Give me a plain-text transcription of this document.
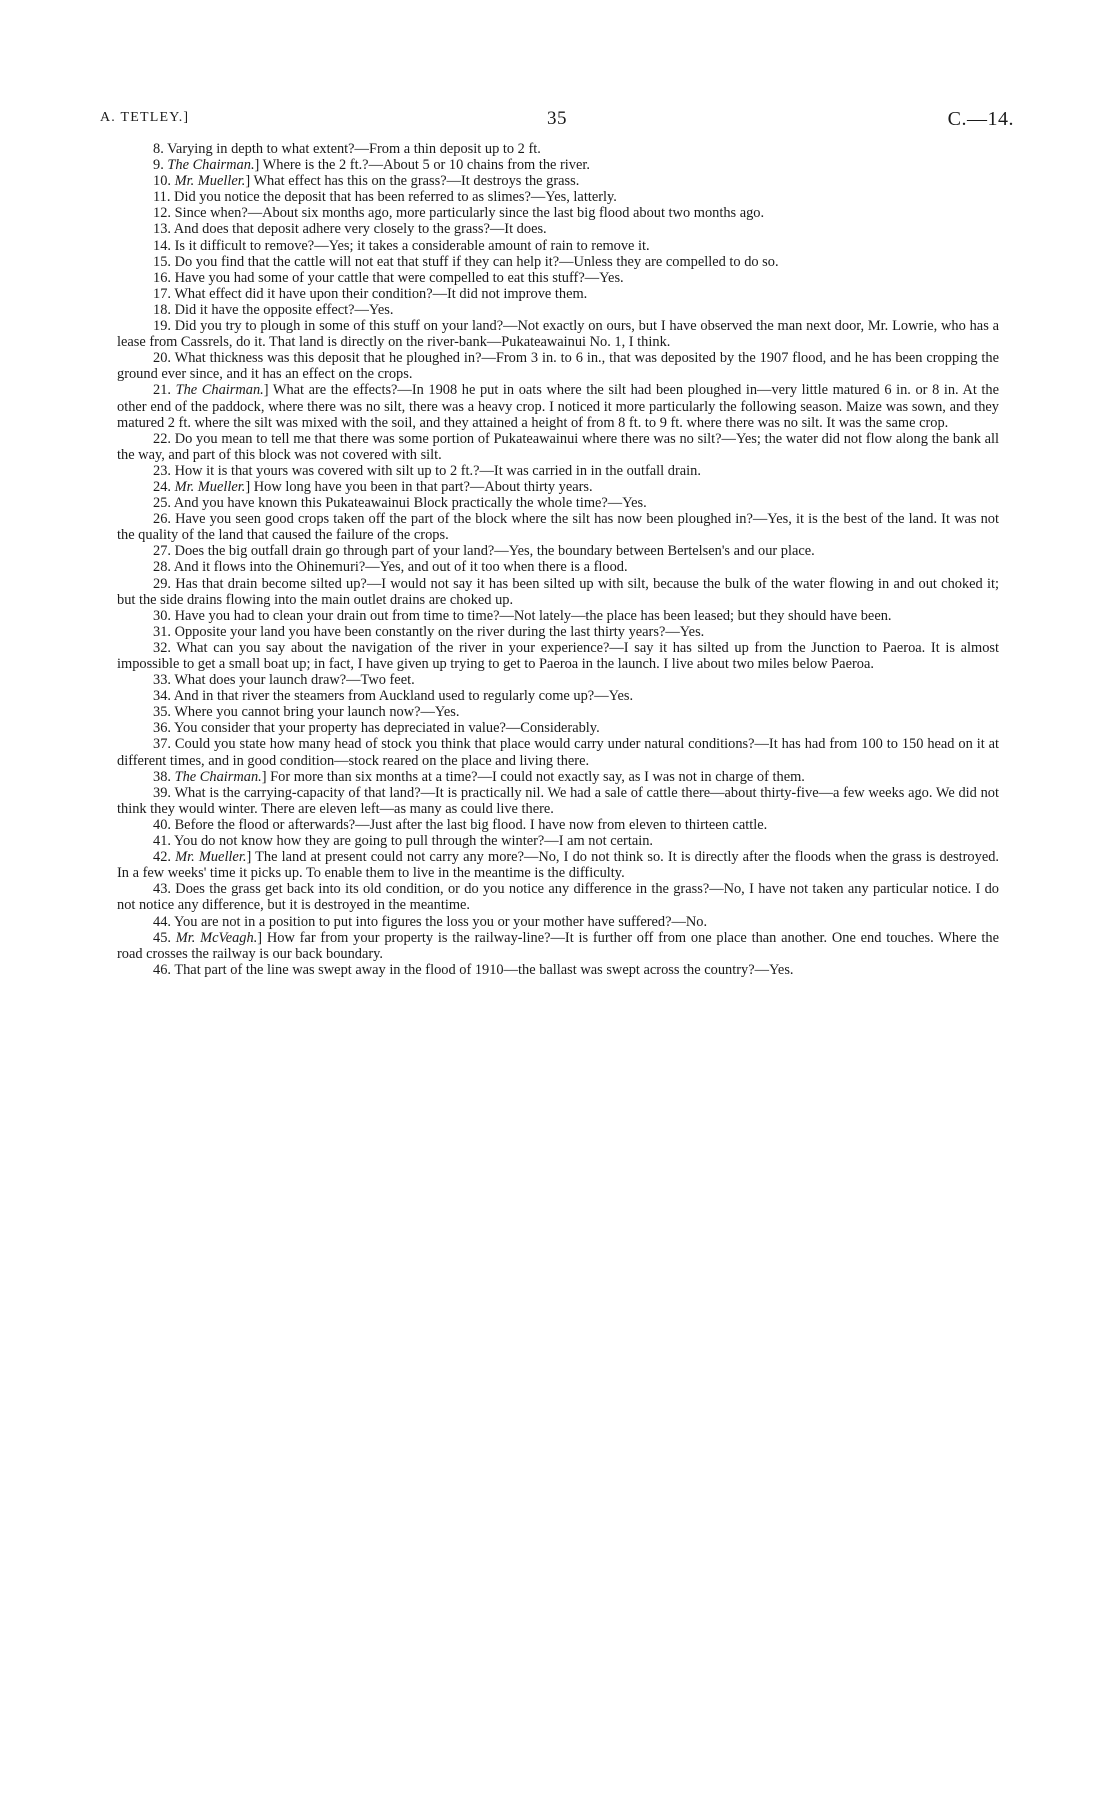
A. TETLEY.]	35	C.—14.

8. Varying in depth to what extent?—From a thin deposit up to 2 ft.

9. The Chairman.] Where is the 2 ft.?—About 5 or 10 chains from the river.

10. Mr. Mueller.] What effect has this on the grass?—It destroys the grass.

11. Did you notice the deposit that has been referred to as slimes?—Yes, latterly.

12. Since when?—About six months ago, more particularly since the last big flood about two months ago.

13. And does that deposit adhere very closely to the grass?—It does.

14. Is it difficult to remove?—Yes; it takes a considerable amount of rain to remove it.

15. Do you find that the cattle will not eat that stuff if they can help it?—Unless they are compelled to do so.

16. Have you had some of your cattle that were compelled to eat this stuff?—Yes.

17. What effect did it have upon their condition?—It did not improve them.

18. Did it have the opposite effect?—Yes.

19. Did you try to plough in some of this stuff on your land?—Not exactly on ours, but I have observed the man next door, Mr. Lowrie, who has a lease from Cassrels, do it. That land is directly on the river-bank—Pukateawainui No. 1, I think.

20. What thickness was this deposit that he ploughed in?—From 3 in. to 6 in., that was deposited by the 1907 flood, and he has been cropping the ground ever since, and it has an effect on the crops.

21. The Chairman.] What are the effects?—In 1908 he put in oats where the silt had been ploughed in—very little matured 6 in. or 8 in. At the other end of the paddock, where there was no silt, there was a heavy crop. I noticed it more particularly the following season. Maize was sown, and they matured 2 ft. where the silt was mixed with the soil, and they attained a height of from 8 ft. to 9 ft. where there was no silt. It was the same crop.

22. Do you mean to tell me that there was some portion of Pukateawainui where there was no silt?—Yes; the water did not flow along the bank all the way, and part of this block was not covered with silt.

23. How it is that yours was covered with silt up to 2 ft.?—It was carried in in the outfall drain.

24. Mr. Mueller.] How long have you been in that part?—About thirty years.

25. And you have known this Pukateawainui Block practically the whole time?—Yes.

26. Have you seen good crops taken off the part of the block where the silt has now been ploughed in?—Yes, it is the best of the land. It was not the quality of the land that caused the failure of the crops.

27. Does the big outfall drain go through part of your land?—Yes, the boundary between Bertelsen's and our place.

28. And it flows into the Ohinemuri?—Yes, and out of it too when there is a flood.

29. Has that drain become silted up?—I would not say it has been silted up with silt, because the bulk of the water flowing in and out choked it; but the side drains flowing into the main outlet drains are choked up.

30. Have you had to clean your drain out from time to time?—Not lately—the place has been leased; but they should have been.

31. Opposite your land you have been constantly on the river during the last thirty years?—Yes.

32. What can you say about the navigation of the river in your experience?—I say it has silted up from the Junction to Paeroa. It is almost impossible to get a small boat up; in fact, I have given up trying to get to Paeroa in the launch. I live about two miles below Paeroa.

33. What does your launch draw?—Two feet.

34. And in that river the steamers from Auckland used to regularly come up?—Yes.

35. Where you cannot bring your launch now?—Yes.

36. You consider that your property has depreciated in value?—Considerably.

37. Could you state how many head of stock you think that place would carry under natural conditions?—It has had from 100 to 150 head on it at different times, and in good condition—stock reared on the place and living there.

38. The Chairman.] For more than six months at a time?—I could not exactly say, as I was not in charge of them.

39. What is the carrying-capacity of that land?—It is practically nil. We had a sale of cattle there—about thirty-five—a few weeks ago. We did not think they would winter. There are eleven left—as many as could live there.

40. Before the flood or afterwards?—Just after the last big flood. I have now from eleven to thirteen cattle.

41. You do not know how they are going to pull through the winter?—I am not certain.

42. Mr. Mueller.] The land at present could not carry any more?—No, I do not think so. It is directly after the floods when the grass is destroyed. In a few weeks' time it picks up. To enable them to live in the meantime is the difficulty.

43. Does the grass get back into its old condition, or do you notice any difference in the grass?—No, I have not taken any particular notice. I do not notice any difference, but it is destroyed in the meantime.

44. You are not in a position to put into figures the loss you or your mother have suffered?—No.

45. Mr. McVeagh.] How far from your property is the railway-line?—It is further off from one place than another. One end touches. Where the road crosses the railway is our back boundary.

46. That part of the line was swept away in the flood of 1910—the ballast was swept across the country?—Yes.
